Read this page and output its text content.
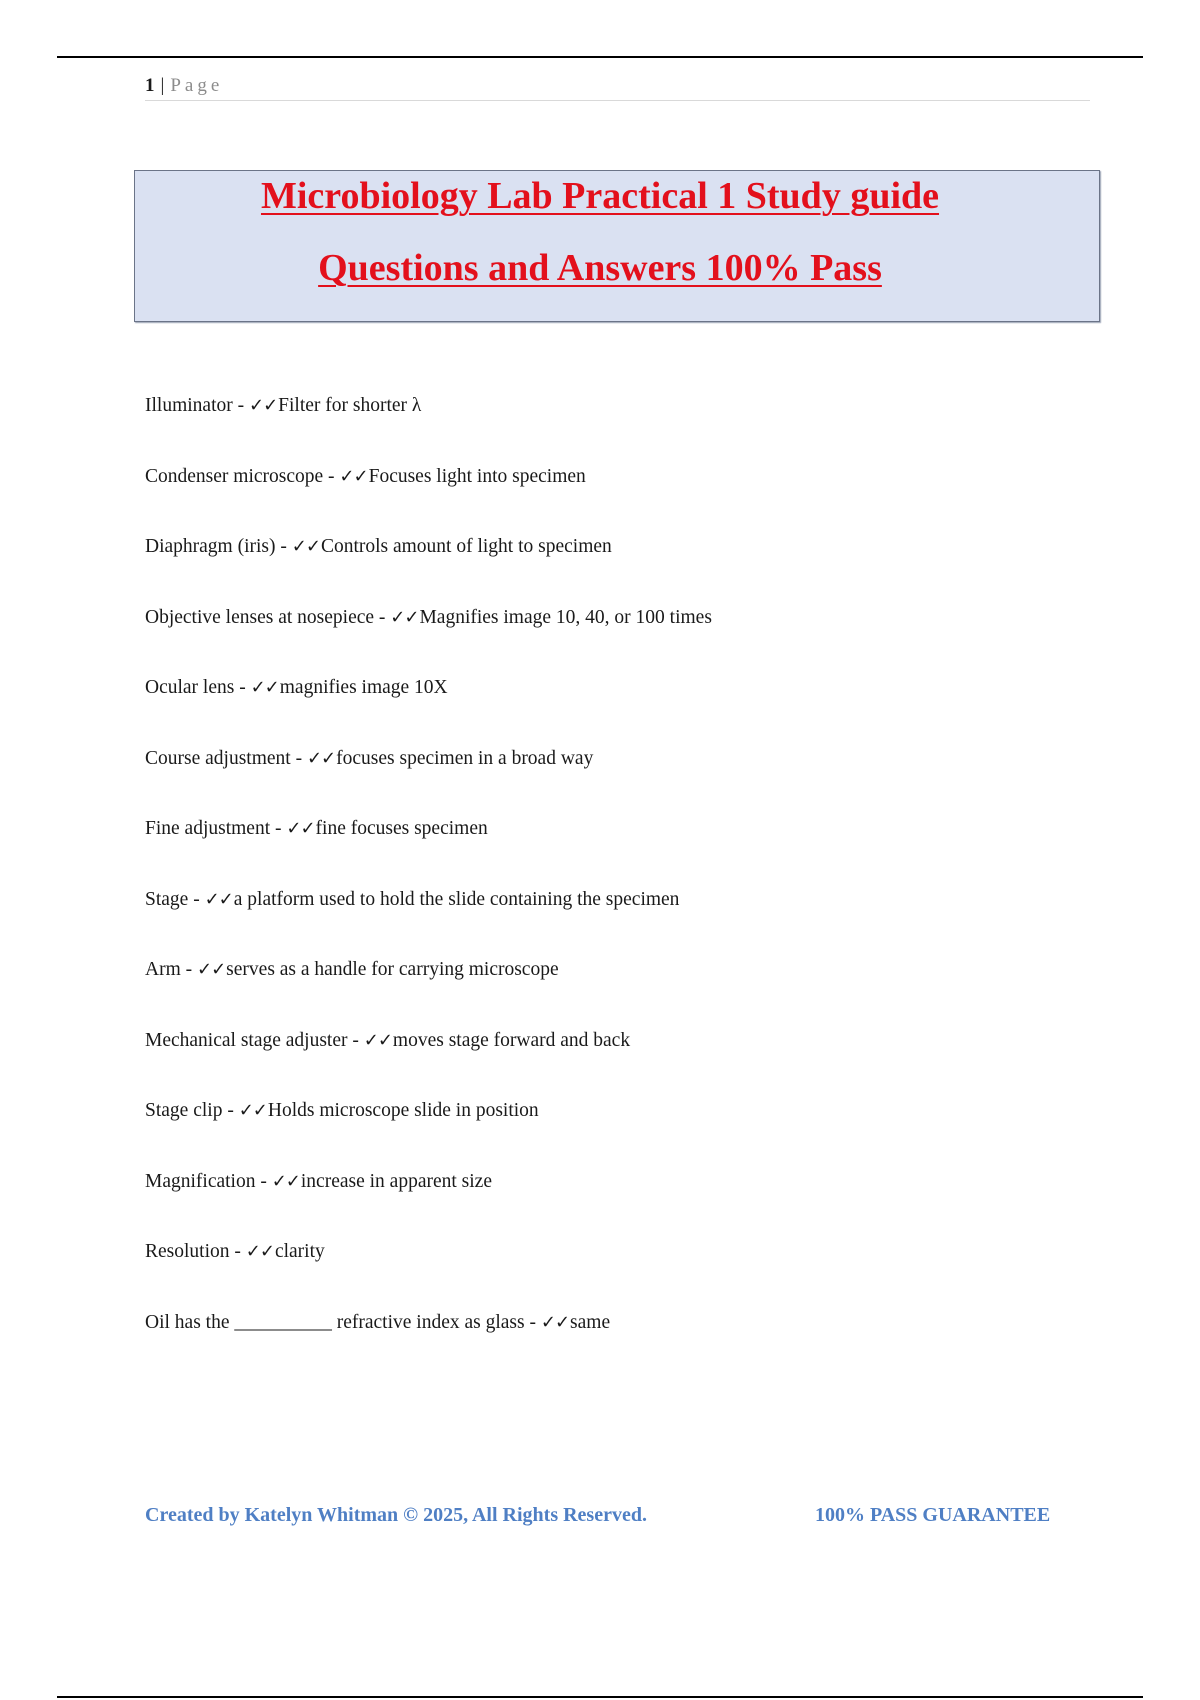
1 | Page
Microbiology Lab Practical 1 Study guide
Questions and Answers 100% Pass
Illuminator - ✓✓Filter for shorter λ
Condenser microscope - ✓✓Focuses light into specimen
Diaphragm (iris) - ✓✓Controls amount of light to specimen
Objective lenses at nosepiece - ✓✓Magnifies image 10, 40, or 100 times
Ocular lens - ✓✓magnifies image 10X
Course adjustment - ✓✓focuses specimen in a broad way
Fine adjustment - ✓✓fine focuses specimen
Stage - ✓✓a platform used to hold the slide containing the specimen
Arm - ✓✓serves as a handle for carrying microscope
Mechanical stage adjuster - ✓✓moves stage forward and back
Stage clip - ✓✓Holds microscope slide in position
Magnification - ✓✓increase in apparent size
Resolution - ✓✓clarity
Oil has the __________ refractive index as glass - ✓✓same
Created by Katelyn Whitman © 2025, All Rights Reserved.	100% PASS GUARANTEE
